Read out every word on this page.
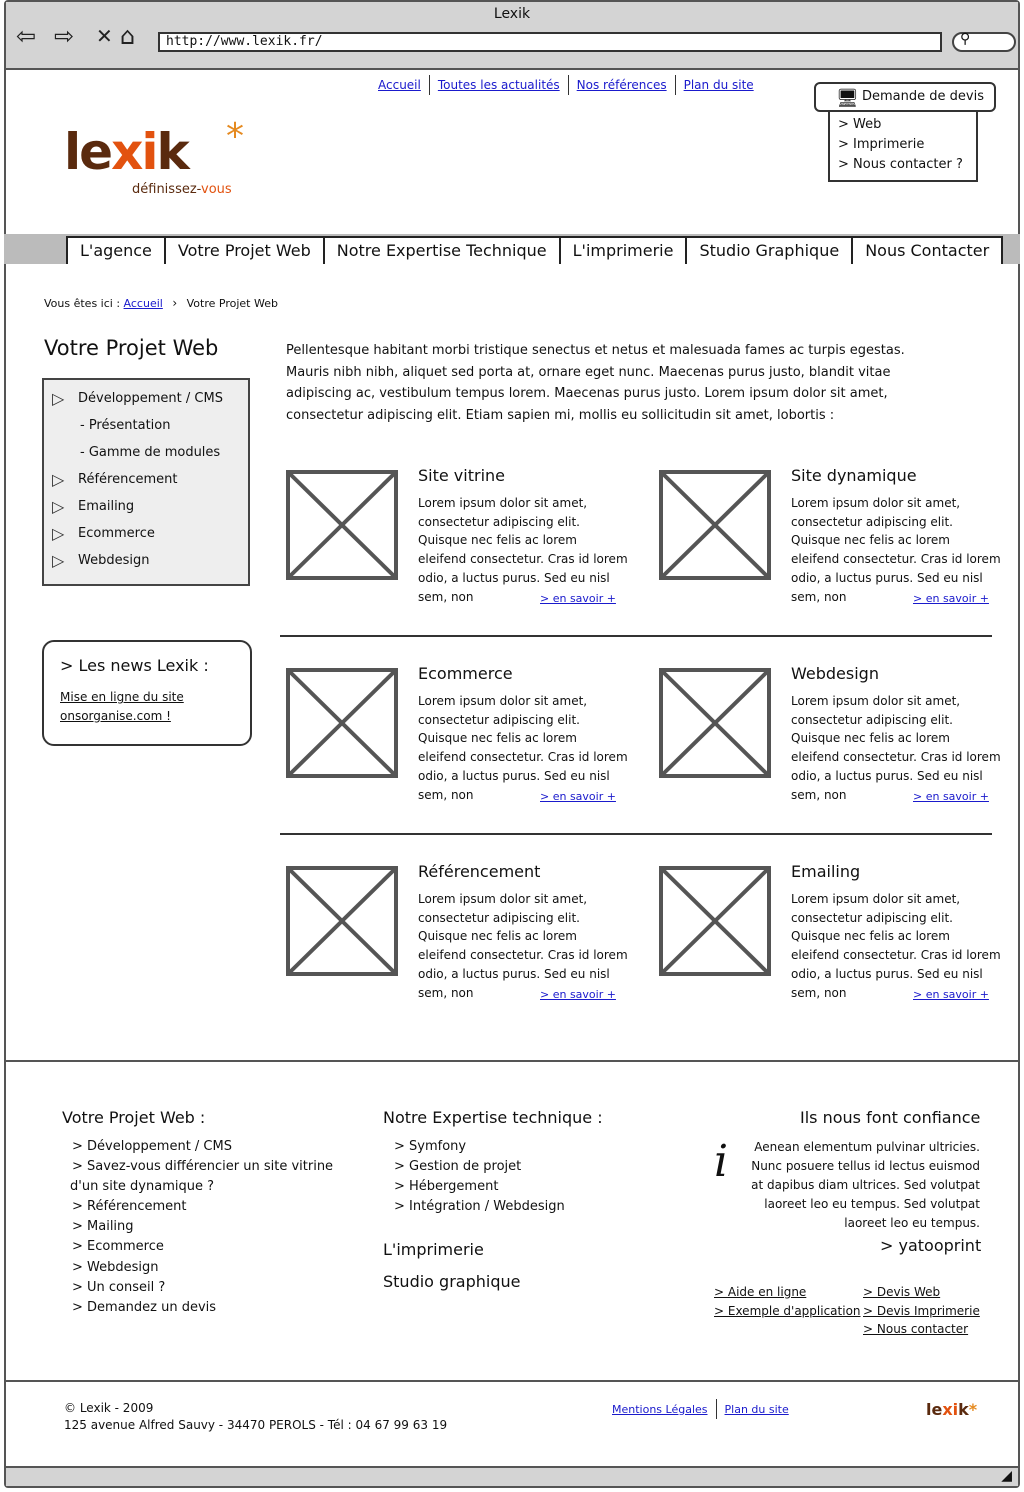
Lexik
⇦ ⇨ ✕ ⌂	http://www.lexik.fr/	⚲
Accueil	Toutes les actualités	Nos références	Plan du site
🖥 Demande de devis
> Web
> Imprimerie
> Nous contacter ?
lexik	*
définissez-vous
L'agence	Votre Projet Web	Notre Expertise Technique	L'imprimerie	Studio Graphique	Nous Contacter
Vous êtes ici : Accueil › Votre Projet Web
Votre Projet Web
▷ Développement / CMS
- Présentation
- Gamme de modules
▷ Référencement
▷ Emailing
▷ Ecommerce
▷ Webdesign
> Les news Lexik :
Mise en ligne du site onsorganise.com !
Pellentesque habitant morbi tristique senectus et netus et malesuada fames ac turpis egestas. Mauris nibh nibh, aliquet sed porta at, ornare eget nunc. Maecenas purus justo, blandit vitae adipiscing ac, vestibulum tempus lorem. Maecenas purus justo. Lorem ipsum dolor sit amet, consectetur adipiscing elit. Etiam sapien mi, mollis eu sollicitudin sit amet, lobortis :
Site vitrine
Lorem ipsum dolor sit amet, consectetur adipiscing elit. Quisque nec felis ac lorem eleifend consectetur. Cras id lorem odio, a luctus purus. Sed eu nisl sem, non	> en savoir +
Site dynamique
Lorem ipsum dolor sit amet, consectetur adipiscing elit. Quisque nec felis ac lorem eleifend consectetur. Cras id lorem odio, a luctus purus. Sed eu nisl sem, non	> en savoir +
Ecommerce
Lorem ipsum dolor sit amet, consectetur adipiscing elit. Quisque nec felis ac lorem eleifend consectetur. Cras id lorem odio, a luctus purus. Sed eu nisl sem, non	> en savoir +
Webdesign
Lorem ipsum dolor sit amet, consectetur adipiscing elit. Quisque nec felis ac lorem eleifend consectetur. Cras id lorem odio, a luctus purus. Sed eu nisl sem, non	> en savoir +
Référencement
Lorem ipsum dolor sit amet, consectetur adipiscing elit. Quisque nec felis ac lorem eleifend consectetur. Cras id lorem odio, a luctus purus. Sed eu nisl sem, non	> en savoir +
Emailing
Lorem ipsum dolor sit amet, consectetur adipiscing elit. Quisque nec felis ac lorem eleifend consectetur. Cras id lorem odio, a luctus purus. Sed eu nisl sem, non	> en savoir +
Votre Projet Web :
> Développement / CMS
> Savez-vous différencier un site vitrine
d'un site dynamique ?
> Référencement
> Mailing
> Ecommerce
> Webdesign
> Un conseil ?
> Demandez un devis
Notre Expertise technique :
> Symfony
> Gestion de projet
> Hébergement
> Intégration / Webdesign
L'imprimerie
Studio graphique
Ils nous font confiance
i	Aenean elementum pulvinar ultricies. Nunc posuere tellus id lectus euismod at dapibus diam ultrices. Sed volutpat laoreet leo eu tempus. Sed volutpat laoreet leo eu tempus.
> yatooprint
> Aide en ligne
> Exemple d'application
> Devis Web
> Devis Imprimerie
> Nous contacter
© Lexik - 2009
125 avenue Alfred Sauvy - 34470 PEROLS - Tél : 04 67 99 63 19
Mentions Légales	Plan du site	lexik*
◢
